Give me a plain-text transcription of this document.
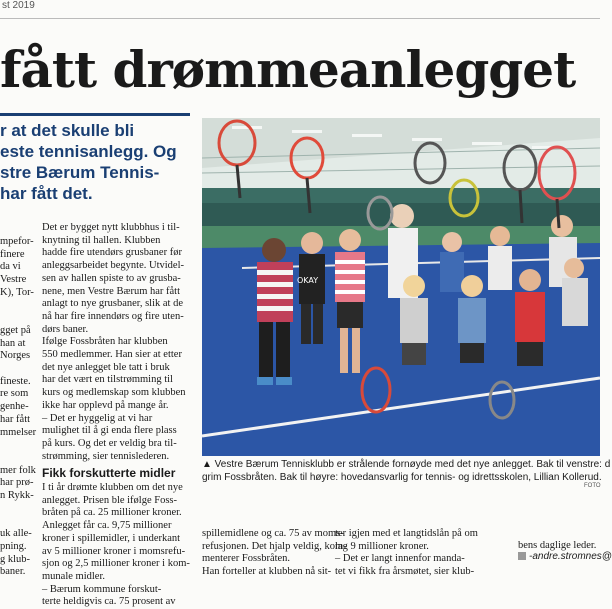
st 2019
fått drømmeanlegget
r at det skulle bli
este tennisanlegg. Og
stre Bærum Tennis-
har fått det.
mpefor-
finere
da vi
Vestre
K), Tor-

gget på
han at
Norges

fineste.
re som
genhe-
har fått
mmelser

mer folk
har prø-
n Rykk-

uk alle-
pning.
g klub-
baner.
Det er bygget nytt klubbhus i til-
knytning til hallen. Klubben
hadde fire utendørs grusbaner før
anleggsarbeidet begynte. Utvidel-
sen av hallen spiste to av grusba-
nene, men Vestre Bærum har fått
anlagt to nye grusbaner, slik at de
nå har fire innendørs og fire uten-
dørs baner.
Ifølge Fossbråten har klubben
550 medlemmer. Han sier at etter
det nye anlegget ble tatt i bruk
har det vært en tilstrømming til
kurs og medlemskap som klubben
ikke har opplevd på mange år.
– Det er hyggelig at vi har
mulighet til å gi enda flere plass
på kurs. Og det er veldig bra til-
strømming, sier tennislederen.
Fikk forskutterte midler
I ti år drømte klubben om det nye
anlegget. Prisen ble ifølge Foss-
bråten på ca. 25 millioner kroner.
Anlegget får ca. 9,75 millioner
kroner i spillemidler, i underkant
av 5 millioner kroner i momsrefu-
sjon og 2,5 millioner kroner i kom-
munale midler.
– Bærum kommune forskut-
terte heldigvis ca. 75 prosent av
OKAY
▲ Vestre Bærum Tennisklubb er strålende fornøyde med det nye anlegget. Bak til venstre: d
grim Fossbråten. Bak til høyre: hovedansvarlig for tennis- og idrettsskolen, Lillian Kollerud.
FOTO
spillemidlene og ca. 75 av moms-
refusjonen. Det hjalp veldig, kom-
menterer Fossbråten.
Han forteller at klubben nå sit-
ter igjen med et langtidslån på om
lag 9 millioner kroner.
– Det er langt innenfor manda-
tet vi fikk fra årsmøtet, sier klub-
bens daglige leder.
-andre.stromnes@
